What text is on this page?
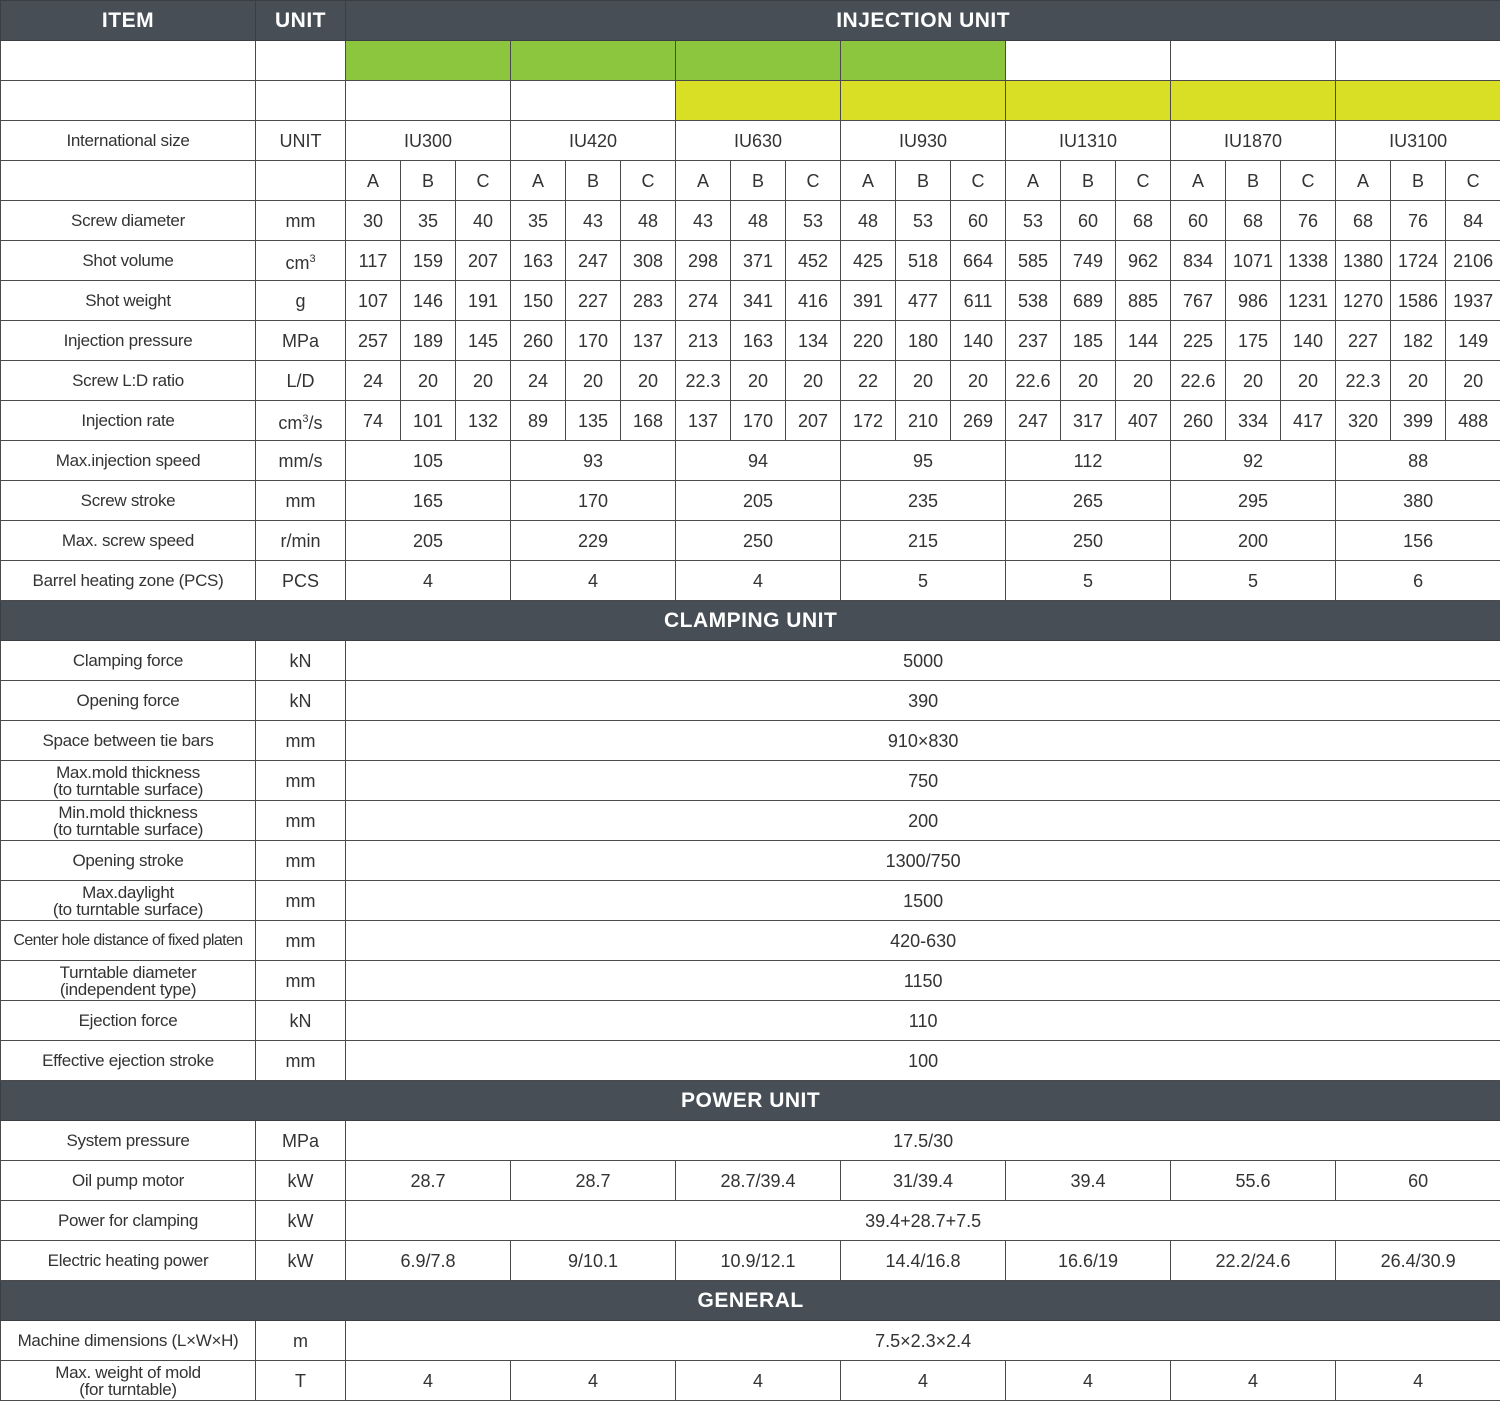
ITEM	UNIT	INJECTION UNIT																				

International size	UNIT	IU300			IU420			IU630			IU930			IU1310			IU1870			IU3100		
		A	B	C	A	B	C	A	B	C	A	B	C	A	B	C	A	B	C	A	B	C
Screw diameter	mm	30	35	40	35	43	48	43	48	53	48	53	60	53	60	68	60	68	76	68	76	84
Shot volume	$cm^3$	117	159	207	163	247	308	298	371	452	425	518	664	585	749	962	834	1071	1338	1380	1724	2106
Shot weight	g	107	146	191	150	227	283	274	341	416	391	477	611	538	689	885	767	986	1231	1270	1586	1937
Injection pressure	MPa	257	189	145	260	170	137	213	163	134	220	180	140	237	185	144	225	175	140	227	182	149
Screw L:D ratio	L/D	24	20	20	24	20	20	22.3	20	20	22	20	20	22.6	20	20	22.6	20	20	22.3	20	20
Injection rate	$cm^3/s$	74	101	132	89	135	168	137	170	207	172	210	269	247	317	407	260	334	417	320	399	488
Max.injection speed	mm/s	105			93			94			95			112			92			88		
Screw stroke	mm	165			170			205			235			265			295			380		
Max. screw speed	r/min	205			229			250			215			250			200			156		
Barrel heating zone (PCS)	PCS	4			4			4			5			5			5			6		
CLAMPING UNIT																						
Clamping force	kN	5000																				
Opening force	kN	390																				
Space between tie bars	mm	910×830																				
Max.mold thickness
(to turntable surface)	mm	750																				
Min.mold thickness
(to turntable surface)	mm	200																				
Opening stroke	mm	1300/750																				
Max.daylight
(to turntable surface)	mm	1500																				
Center hole distance of fixed platen	mm	420-630																				
Turntable diameter
(independent type)	mm	1150																				
Ejection force	kN	110																				
Effective ejection stroke	mm	100																				
POWER UNIT																						
System pressure	MPa	17.5/30																				
Oil pump motor	kW	28.7			28.7			28.7/39.4			31/39.4			39.4			55.6			60		
Power for clamping	kW	39.4+28.7+7.5																				
Electric heating power	kW	6.9/7.8			9/10.1			10.9/12.1			14.4/16.8			16.6/19			22.2/24.6			26.4/30.9		
GENERAL																						
Machine dimensions (L×W×H)	m	7.5×2.3×2.4																				
Max. weight of mold
(for turntable)	T	4			4			4			4			4			4			4		
